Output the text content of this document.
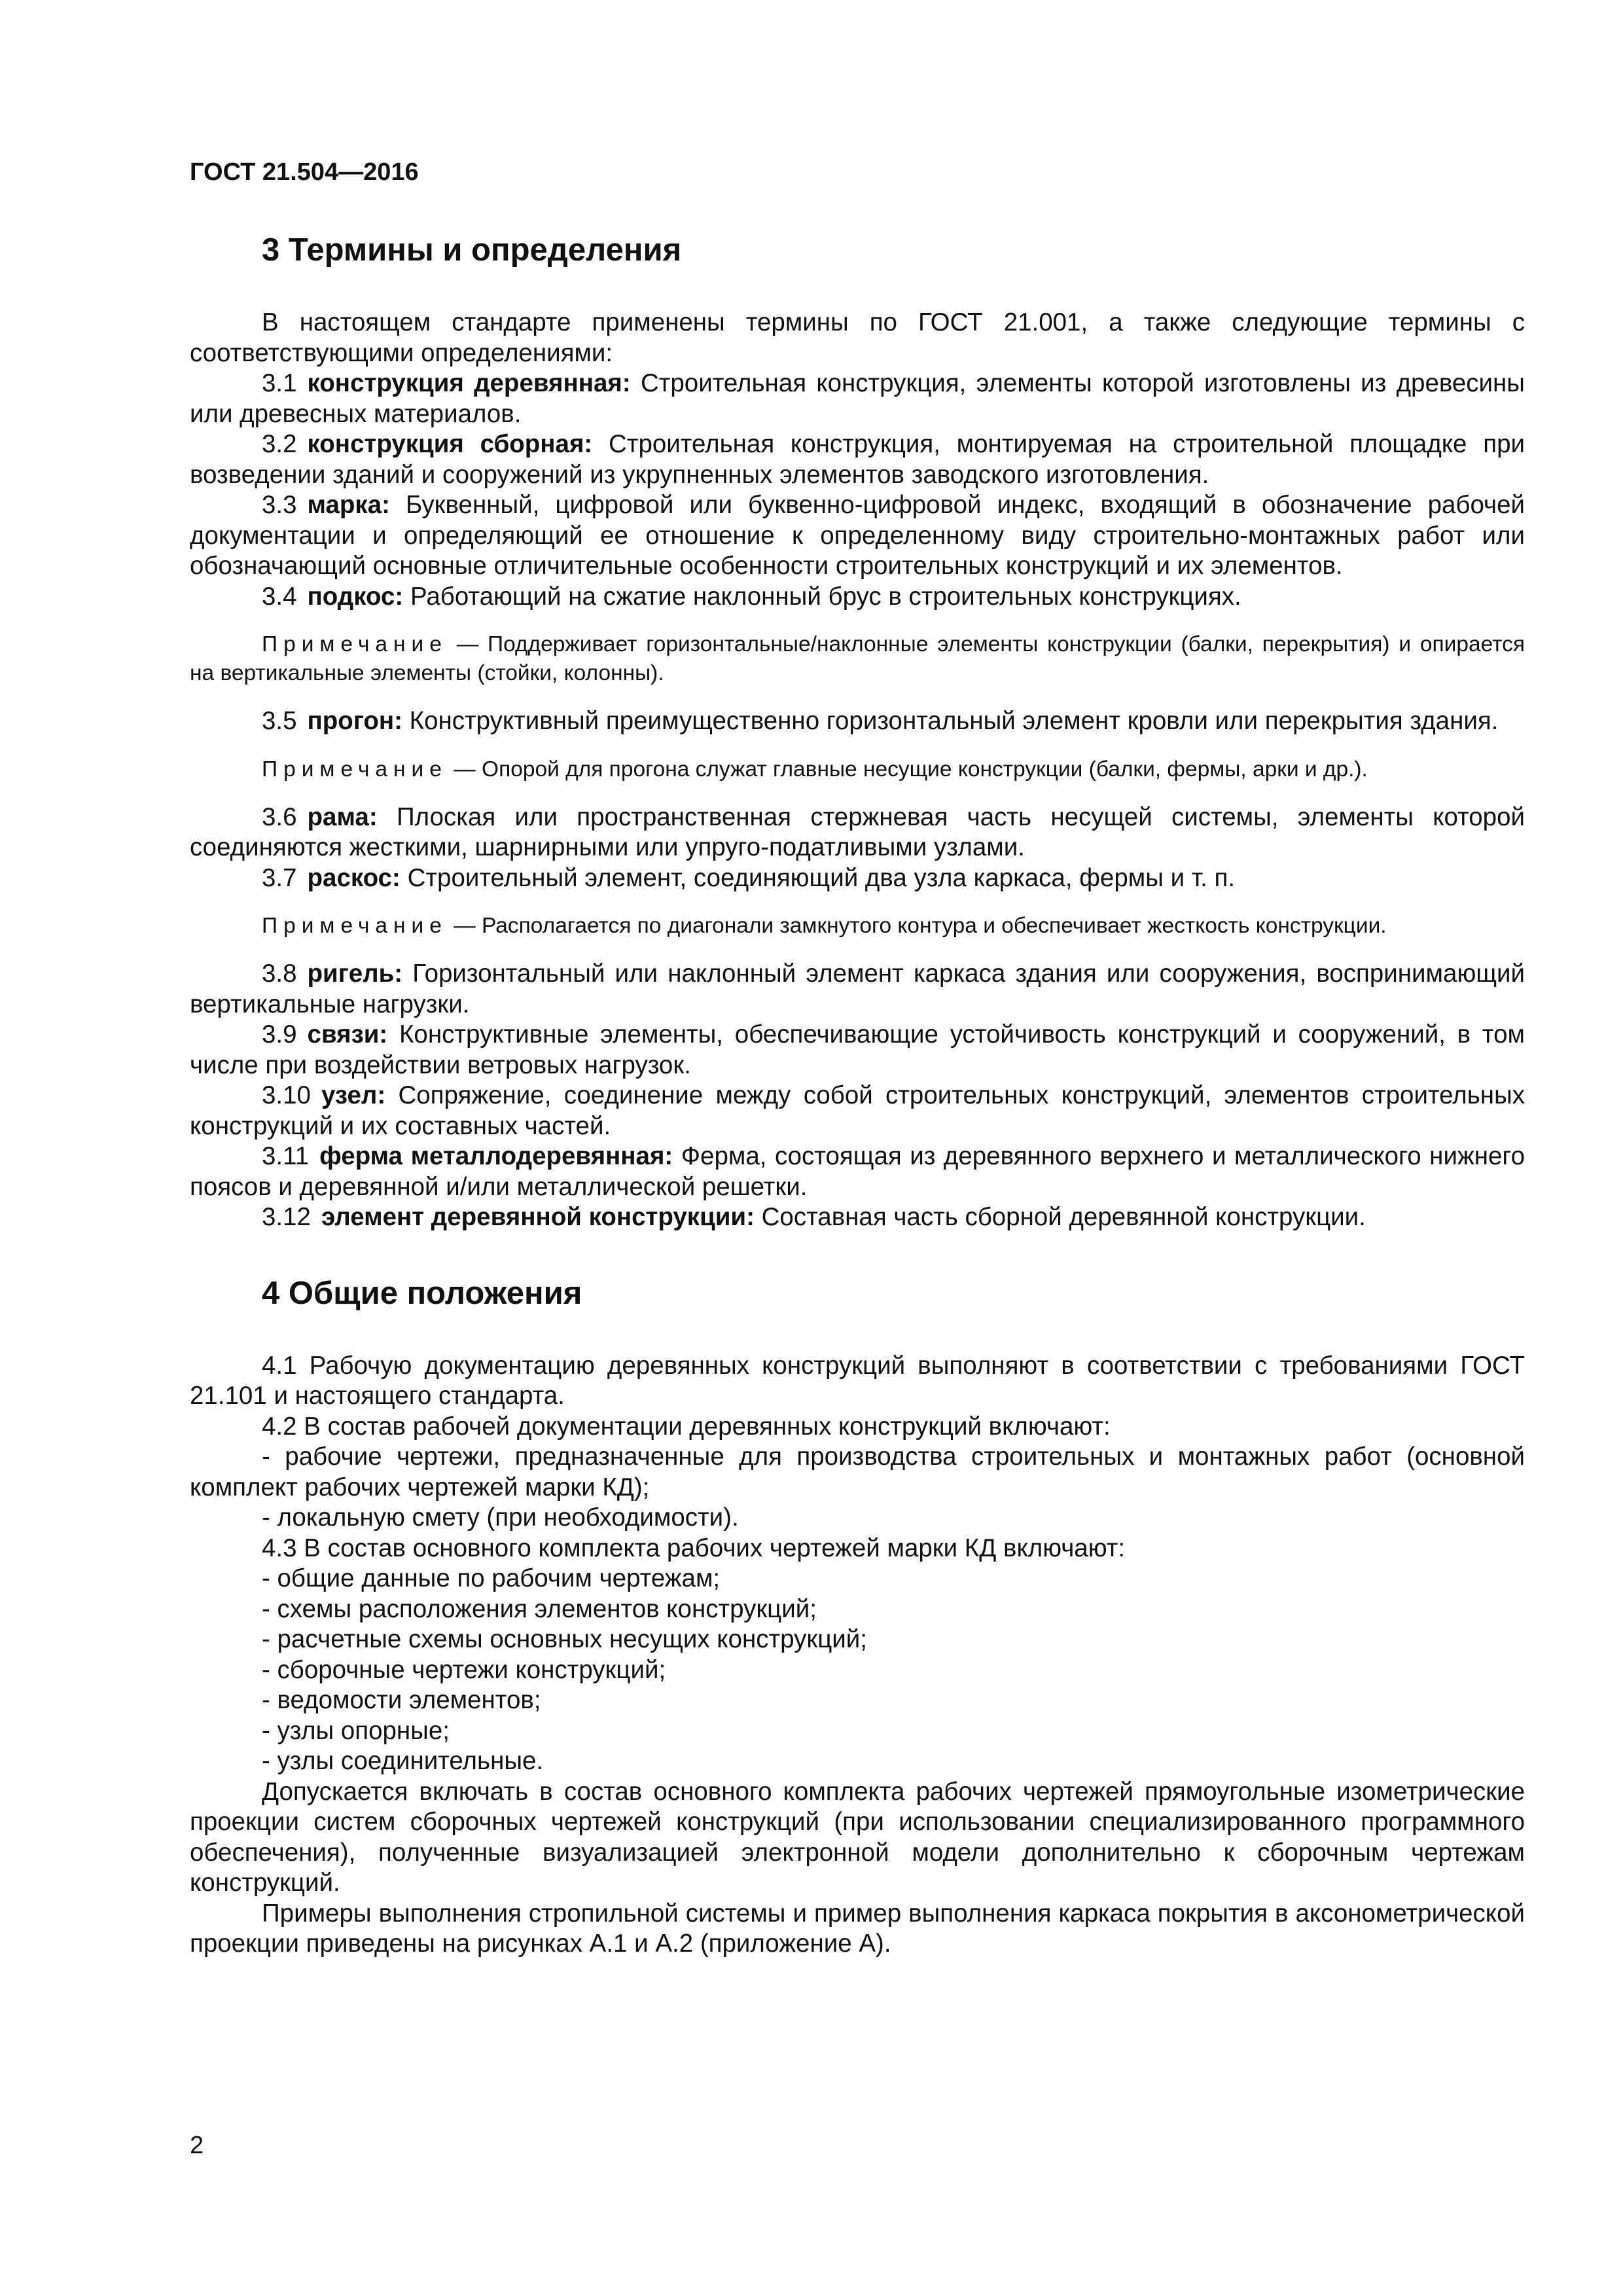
ГОСТ 21.504—2016
3 Термины и определения

В настоящем стандарте применены термины по ГОСТ 21.001, а также следующие термины с соответствующими определениями:

3.1 конструкция деревянная: Строительная конструкция, элементы которой изготовлены из древесины или древесных материалов.

3.2 конструкция сборная: Строительная конструкция, монтируемая на строительной площадке при возведении зданий и сооружений из укрупненных элементов заводского изготовления.

3.3 марка: Буквенный, цифровой или буквенно-цифровой индекс, входящий в обозначение рабочей документации и определяющий ее отношение к определенному виду строительно-монтажных работ или обозначающий основные отличительные особенности строительных конструкций и их элементов.

3.4 подкос: Работающий на сжатие наклонный брус в строительных конструкциях.

Примечание — Поддерживает горизонтальные/наклонные элементы конструкции (балки, перекрытия) и опирается на вертикальные элементы (стойки, колонны).

3.5 прогон: Конструктивный преимущественно горизонтальный элемент кровли или перекрытия здания.

Примечание — Опорой для прогона служат главные несущие конструкции (балки, фермы, арки и др.).

3.6 рама: Плоская или пространственная стержневая часть несущей системы, элементы которой соединяются жесткими, шарнирными или упруго-податливыми узлами.

3.7 раскос: Строительный элемент, соединяющий два узла каркаса, фермы и т. п.

Примечание — Располагается по диагонали замкнутого контура и обеспечивает жесткость конструкции.

3.8 ригель: Горизонтальный или наклонный элемент каркаса здания или сооружения, воспринимающий вертикальные нагрузки.

3.9 связи: Конструктивные элементы, обеспечивающие устойчивость конструкций и сооружений, в том числе при воздействии ветровых нагрузок.

3.10 узел: Сопряжение, соединение между собой строительных конструкций, элементов строительных конструкций и их составных частей.

3.11 ферма металлодеревянная: Ферма, состоящая из деревянного верхнего и металлического нижнего поясов и деревянной и/или металлической решетки.

3.12 элемент деревянной конструкции: Составная часть сборной деревянной конструкции.

4 Общие положения

4.1 Рабочую документацию деревянных конструкций выполняют в соответствии с требованиями ГОСТ 21.101 и настоящего стандарта.

4.2 В состав рабочей документации деревянных конструкций включают:

- рабочие чертежи, предназначенные для производства строительных и монтажных работ (основной комплект рабочих чертежей марки КД);

- локальную смету (при необходимости).

4.3 В состав основного комплекта рабочих чертежей марки КД включают:

- общие данные по рабочим чертежам;

- схемы расположения элементов конструкций;

- расчетные схемы основных несущих конструкций;

- сборочные чертежи конструкций;

- ведомости элементов;

- узлы опорные;

- узлы соединительные.

Допускается включать в состав основного комплекта рабочих чертежей прямоугольные изометрические проекции систем сборочных чертежей конструкций (при использовании специализированного программного обеспечения), полученные визуализацией электронной модели дополнительно к сборочным чертежам конструкций.

Примеры выполнения стропильной системы и пример выполнения каркаса покрытия в аксонометрической проекции приведены на рисунках А.1 и А.2 (приложение А).

2
